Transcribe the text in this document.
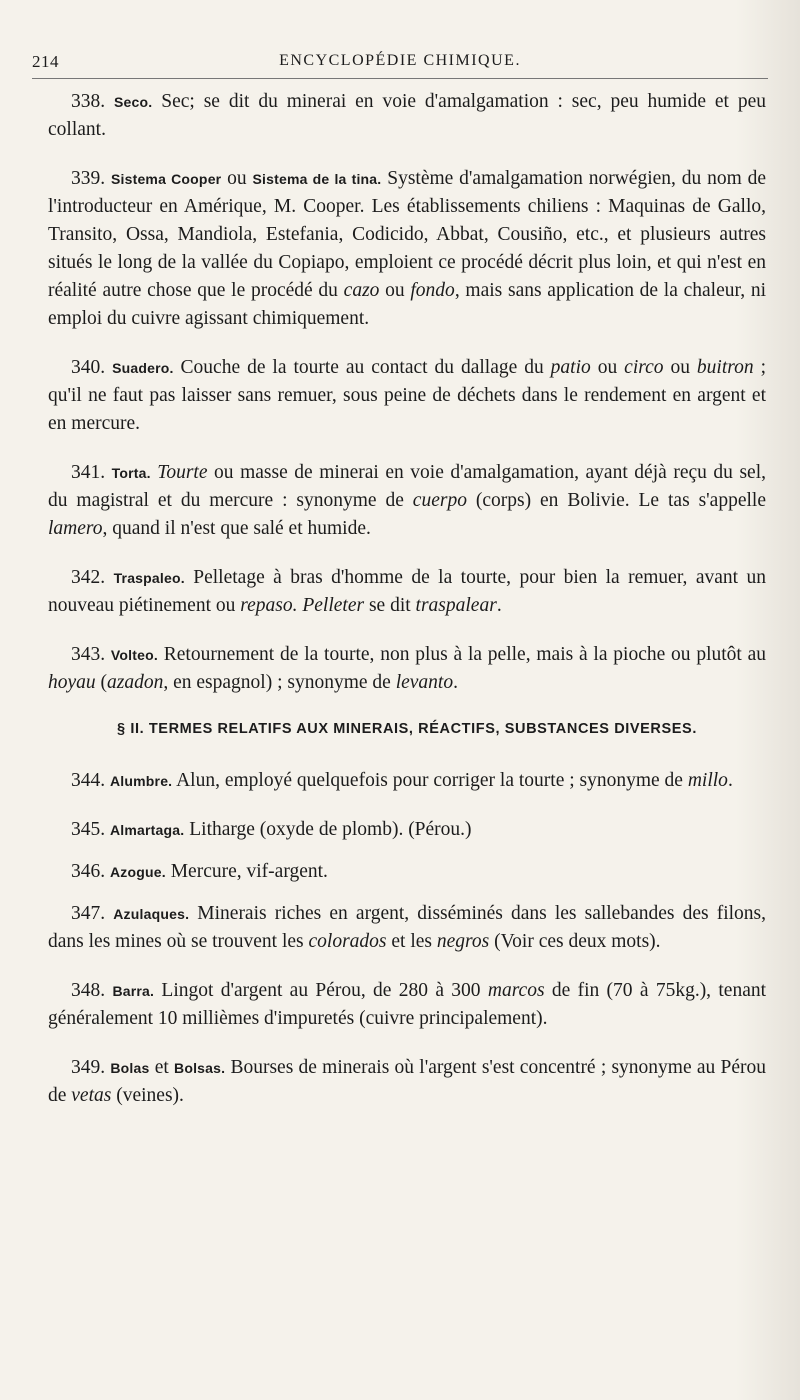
214	ENCYCLOPÉDIE CHIMIQUE.

338. Seco. Sec; se dit du minerai en voie d'amalgamation : sec, peu humide et peu collant.

339. Sistema Cooper ou Sistema de la tina. Système d'amalgamation norwégien, du nom de l'introducteur en Amérique, M. Cooper. Les établissements chiliens : Maquinas de Gallo, Transito, Ossa, Mandiola, Estefania, Codicido, Abbat, Cousiño, etc., et plusieurs autres situés le long de la vallée du Copiapo, emploient ce procédé décrit plus loin, et qui n'est en réalité autre chose que le procédé du cazo ou fondo, mais sans application de la chaleur, ni emploi du cuivre agissant chimiquement.

340. Suadero. Couche de la tourte au contact du dallage du patio ou circo ou buitron ; qu'il ne faut pas laisser sans remuer, sous peine de déchets dans le rendement en argent et en mercure.

341. Torta. Tourte ou masse de minerai en voie d'amalgamation, ayant déjà reçu du sel, du magistral et du mercure : synonyme de cuerpo (corps) en Bolivie. Le tas s'appelle lamero, quand il n'est que salé et humide.

342. Traspaleo. Pelletage à bras d'homme de la tourte, pour bien la remuer, avant un nouveau piétinement ou repaso. Pelleter se dit traspalear.

343. Volteo. Retournement de la tourte, non plus à la pelle, mais à la pioche ou plutôt au hoyau (azadon, en espagnol) ; synonyme de levanto.

§ II. TERMES RELATIFS AUX MINERAIS, RÉACTIFS, SUBSTANCES DIVERSES.

344. Alumbre. Alun, employé quelquefois pour corriger la tourte ; synonyme de millo.

345. Almartaga. Litharge (oxyde de plomb). (Pérou.)

346. Azogue. Mercure, vif-argent.

347. Azulaques. Minerais riches en argent, disséminés dans les sallebandes des filons, dans les mines où se trouvent les colorados et les negros (Voir ces deux mots).

348. Barra. Lingot d'argent au Pérou, de 280 à 300 marcos de fin (70 à 75kg.), tenant généralement 10 millièmes d'impuretés (cuivre principalement).

349. Bolas et Bolsas. Bourses de minerais où l'argent s'est concentré ; synonyme au Pérou de vetas (veines).
